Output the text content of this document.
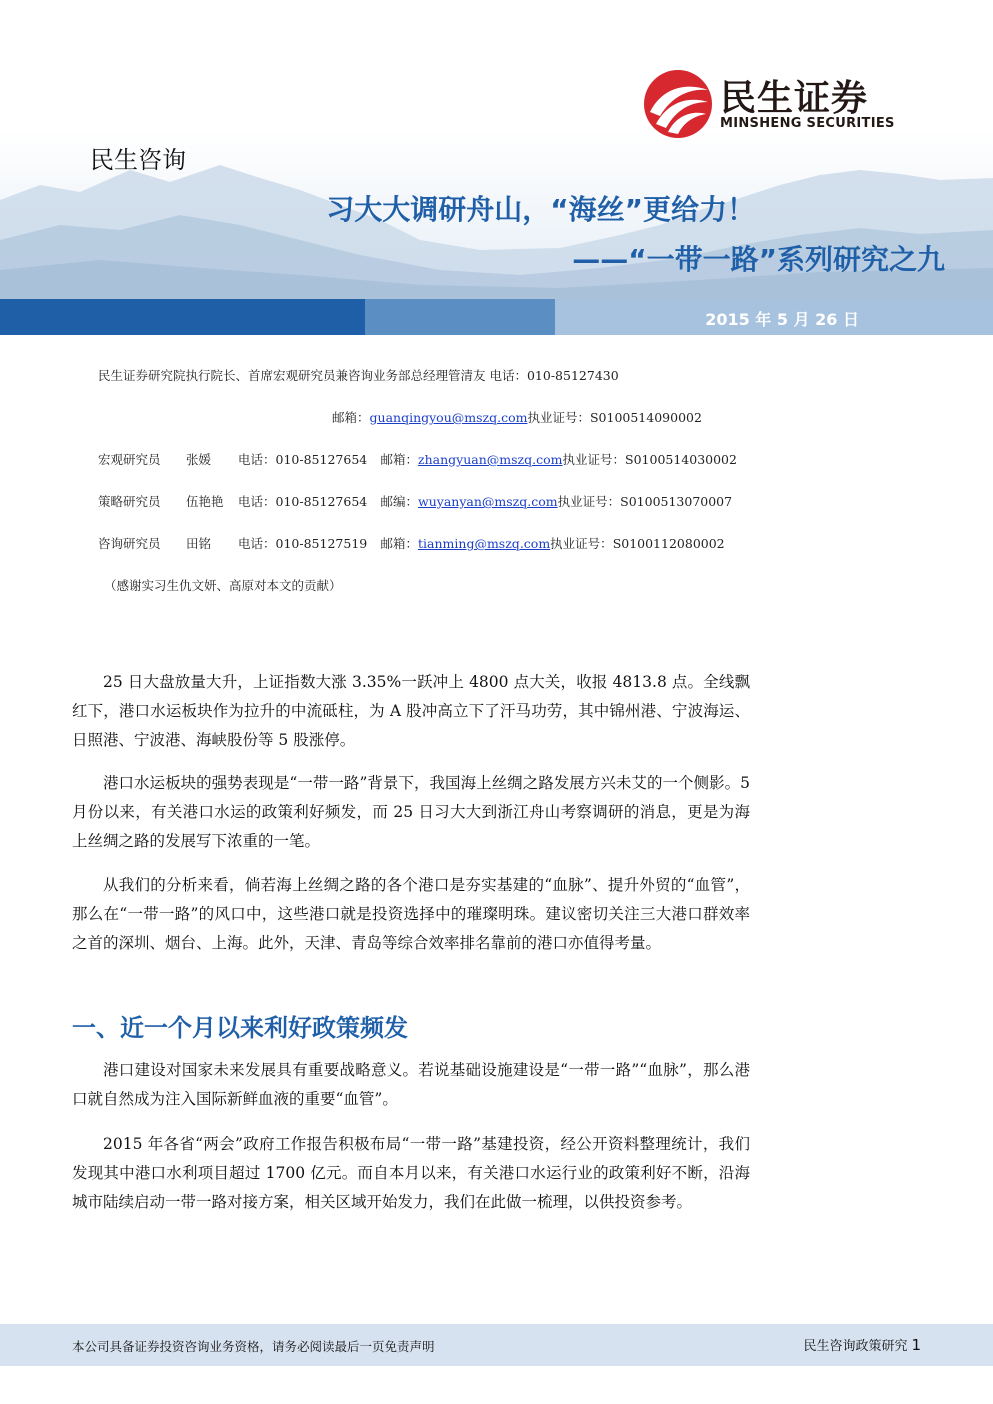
民生证券
MINSHENG SECURITIES
民生咨询
习大大调研舟山，“海丝”更给力！
——“一带一路”系列研究之九
2015 年 5 月 26 日
民生证券研究院执行院长、首席宏观研究员兼咨询业务部总经理管清友 电话：010-85127430
邮箱：guanqingyou@mszq.com执业证号：S0100514090002
宏观研究员 张媛 电话：010-85127654 邮箱：zhangyuan@mszq.com执业证号：S0100514030002
策略研究员 伍艳艳 电话：010-85127654 邮编：wuyanyan@mszq.com执业证号：S0100513070007
咨询研究员 田铭 电话：010-85127519 邮箱：tianming@mszq.com执业证号：S0100112080002
（感谢实习生仇文妍、高原对本文的贡献）

25 日大盘放量大升，上证指数大涨 3.35%一跃冲上 4800 点大关，收报 4813.8 点。全线飘红下，港口水运板块作为拉升的中流砥柱，为 A 股冲高立下了汗马功劳，其中锦州港、宁波海运、日照港、宁波港、海峡股份等 5 股涨停。

港口水运板块的强势表现是“一带一路”背景下，我国海上丝绸之路发展方兴未艾的一个侧影。5 月份以来，有关港口水运的政策利好频发，而 25 日习大大到浙江舟山考察调研的消息，更是为海上丝绸之路的发展写下浓重的一笔。

从我们的分析来看，倘若海上丝绸之路的各个港口是夯实基建的“血脉”、提升外贸的“血管”，那么在“一带一路”的风口中，这些港口就是投资选择中的璀璨明珠。建议密切关注三大港口群效率之首的深圳、烟台、上海。此外，天津、青岛等综合效率排名靠前的港口亦值得考量。

一、近一个月以来利好政策频发

港口建设对国家未来发展具有重要战略意义。若说基础设施建设是“一带一路”“血脉”，那么港口就自然成为注入国际新鲜血液的重要“血管”。

2015 年各省“两会”政府工作报告积极布局“一带一路”基建投资，经公开资料整理统计，我们发现其中港口水利项目超过 1700 亿元。而自本月以来，有关港口水运行业的政策利好不断，沿海城市陆续启动一带一路对接方案，相关区域开始发力，我们在此做一梳理，以供投资参考。

本公司具备证券投资咨询业务资格，请务必阅读最后一页免责声明	民生咨询政策研究 1
